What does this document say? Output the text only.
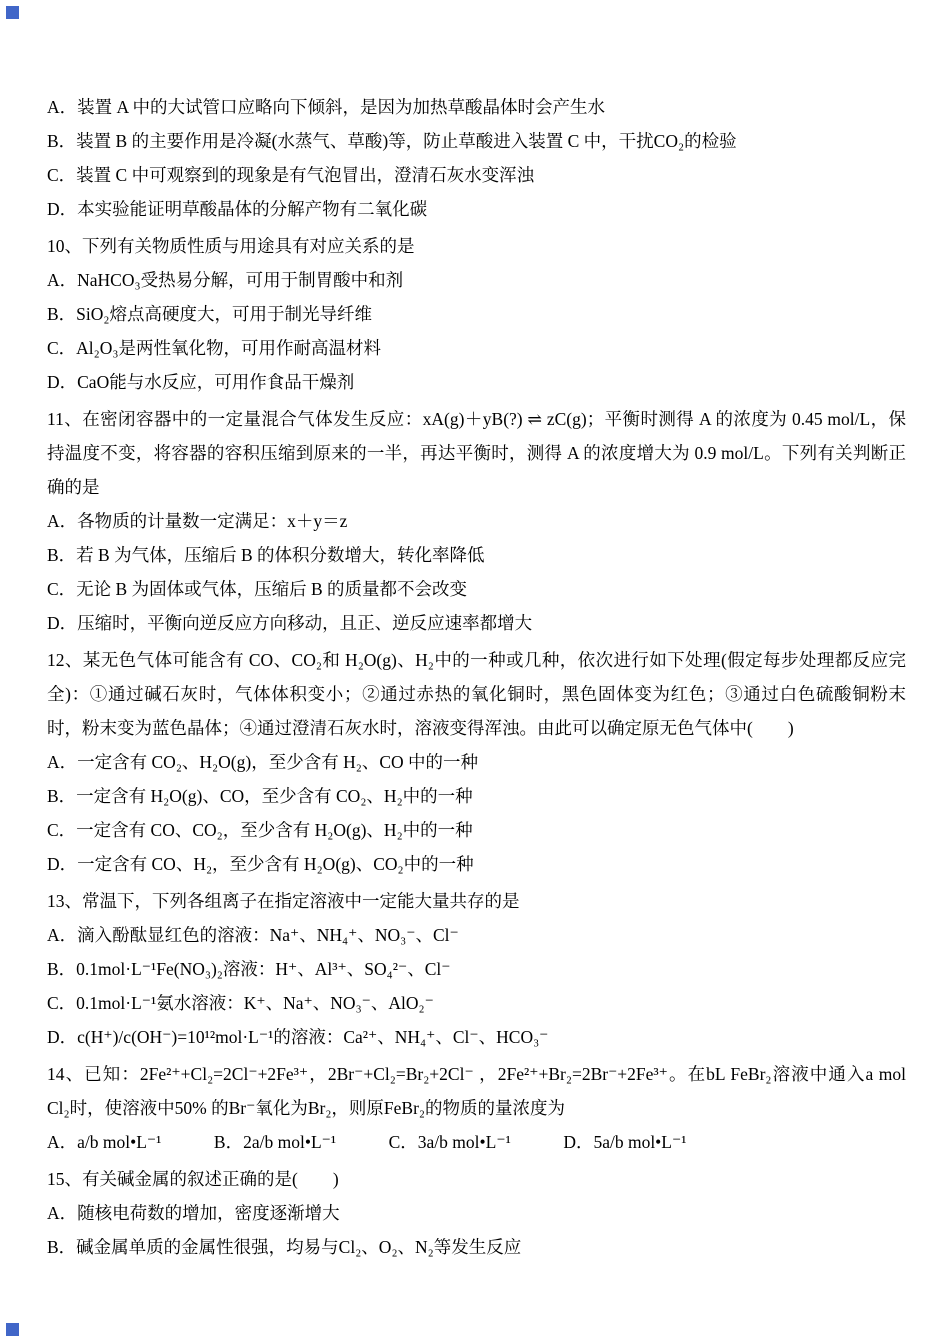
A．装置 A 中的大试管口应略向下倾斜，是因为加热草酸晶体时会产生水

B．装置 B 的主要作用是冷凝(水蒸气、草酸)等，防止草酸进入装置 C 中，干扰CO₂的检验

C．装置 C 中可观察到的现象是有气泡冒出，澄清石灰水变浑浊

D．本实验能证明草酸晶体的分解产物有二氧化碳

10、下列有关物质性质与用途具有对应关系的是

A．NaHCO₃受热易分解，可用于制胃酸中和剂

B．SiO₂熔点高硬度大，可用于制光导纤维

C．Al₂O₃是两性氧化物，可用作耐高温材料

D．CaO能与水反应，可用作食品干燥剂

11、在密闭容器中的一定量混合气体发生反应：xA(g)＋yB(?) ⇌ zC(g)；平衡时测得 A 的浓度为 0.45 mol/L，保持温度不变，将容器的容积压缩到原来的一半，再达平衡时，测得 A 的浓度增大为 0.9 mol/L。下列有关判断正确的是

A．各物质的计量数一定满足：x＋y＝z

B．若 B 为气体，压缩后 B 的体积分数增大，转化率降低

C．无论 B 为固体或气体，压缩后 B 的质量都不会改变

D．压缩时，平衡向逆反应方向移动，且正、逆反应速率都增大

12、某无色气体可能含有 CO、CO₂和 H₂O(g)、H₂中的一种或几种，依次进行如下处理(假定每步处理都反应完全)：①通过碱石灰时，气体体积变小；②通过赤热的氧化铜时，黑色固体变为红色；③通过白色硫酸铜粉末时，粉末变为蓝色晶体；④通过澄清石灰水时，溶液变得浑浊。由此可以确定原无色气体中(　　)

A．一定含有 CO₂、H₂O(g)，至少含有 H₂、CO 中的一种

B．一定含有 H₂O(g)、CO，至少含有 CO₂、H₂中的一种

C．一定含有 CO、CO₂，至少含有 H₂O(g)、H₂中的一种

D．一定含有 CO、H₂，至少含有 H₂O(g)、CO₂中的一种

13、常温下，下列各组离子在指定溶液中一定能大量共存的是

A．滴入酚酞显红色的溶液：Na⁺、NH₄⁺、NO₃⁻、Cl⁻

B．0.1mol·L⁻¹Fe(NO₃)₂溶液：H⁺、Al³⁺、SO₄²⁻、Cl⁻

C．0.1mol·L⁻¹氨水溶液：K⁺、Na⁺、NO₃⁻、AlO₂⁻

D．c(H⁺)/c(OH⁻)=10¹²mol·L⁻¹的溶液：Ca²⁺、NH₄⁺、Cl⁻、HCO₃⁻

14、已知：2Fe²⁺+Cl₂=2Cl⁻+2Fe³⁺，2Br⁻+Cl₂=Br₂+2Cl⁻ ，2Fe²⁺+Br₂=2Br⁻+2Fe³⁺。在bL FeBr₂溶液中通入a mol Cl₂时，使溶液中50% 的Br⁻氧化为Br₂，则原FeBr₂的物质的量浓度为

A．a/b mol•L⁻¹　　　B．2a/b mol•L⁻¹　　　C．3a/b mol•L⁻¹　　　D．5a/b mol•L⁻¹

15、有关碱金属的叙述正确的是(　　)

A．随核电荷数的增加，密度逐渐增大

B．碱金属单质的金属性很强，均易与Cl₂、O₂、N₂等发生反应
